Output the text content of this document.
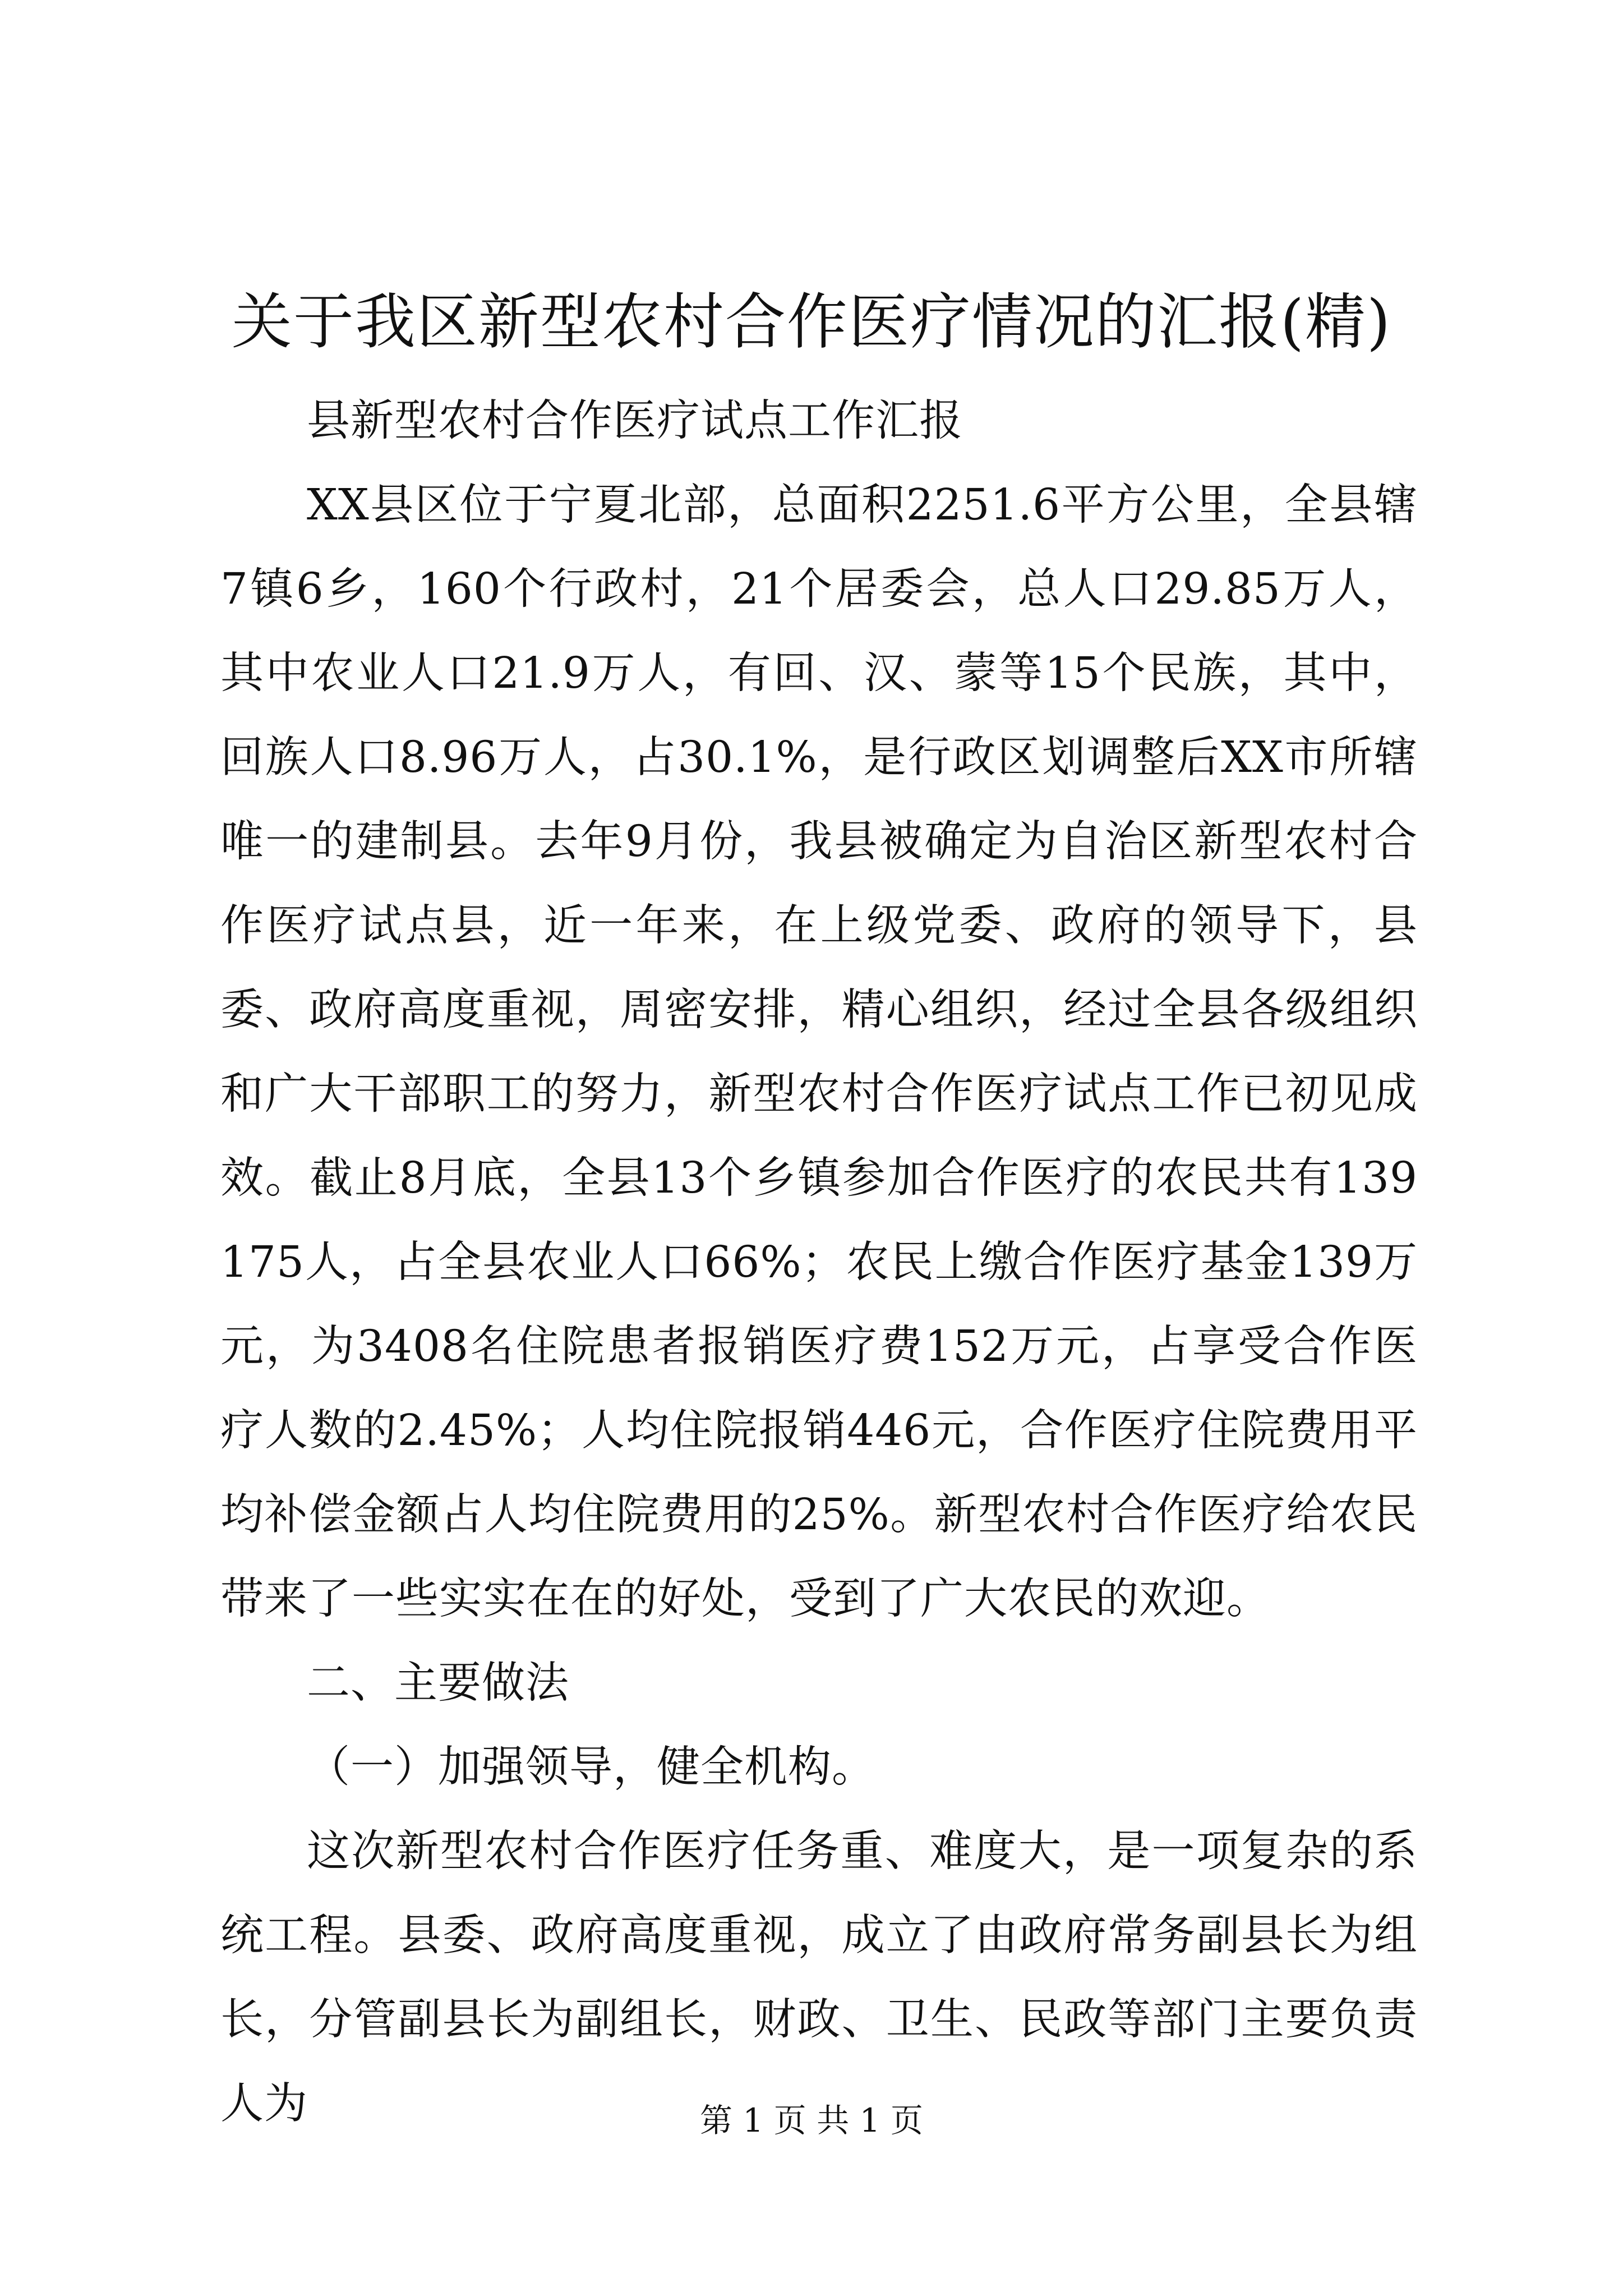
关于我区新型农村合作医疗情况的汇报(精)

县新型农村合作医疗试点工作汇报

XX县区位于宁夏北部，总面积2251.6平方公里，全县辖7镇6乡，160个行政村，21个居委会，总人口29.85万人，其中农业人口21.9万人，有回、汉、蒙等15个民族，其中，回族人口8.96万人，占30.1%，是行政区划调整后XX市所辖唯一的建制县。去年9月份，我县被确定为自治区新型农村合作医疗试点县，近一年来，在上级党委、政府的领导下，县委、政府高度重视，周密安排，精心组织，经过全县各级组织和广大干部职工的努力，新型农村合作医疗试点工作已初见成效。截止8月底，全县13个乡镇参加合作医疗的农民共有139175人，占全县农业人口66%；农民上缴合作医疗基金139万元，为3408名住院患者报销医疗费152万元，占享受合作医疗人数的2.45%；人均住院报销446元，合作医疗住院费用平均补偿金额占人均住院费用的25%。新型农村合作医疗给农民带来了一些实实在在的好处，受到了广大农民的欢迎。

二、主要做法

（一）加强领导，健全机构。

这次新型农村合作医疗任务重、难度大，是一项复杂的系统工程。县委、政府高度重视，成立了由政府常务副县长为组长，分管副县长为副组长，财政、卫生、民政等部门主要负责人为	第 1 页 共 1 页
